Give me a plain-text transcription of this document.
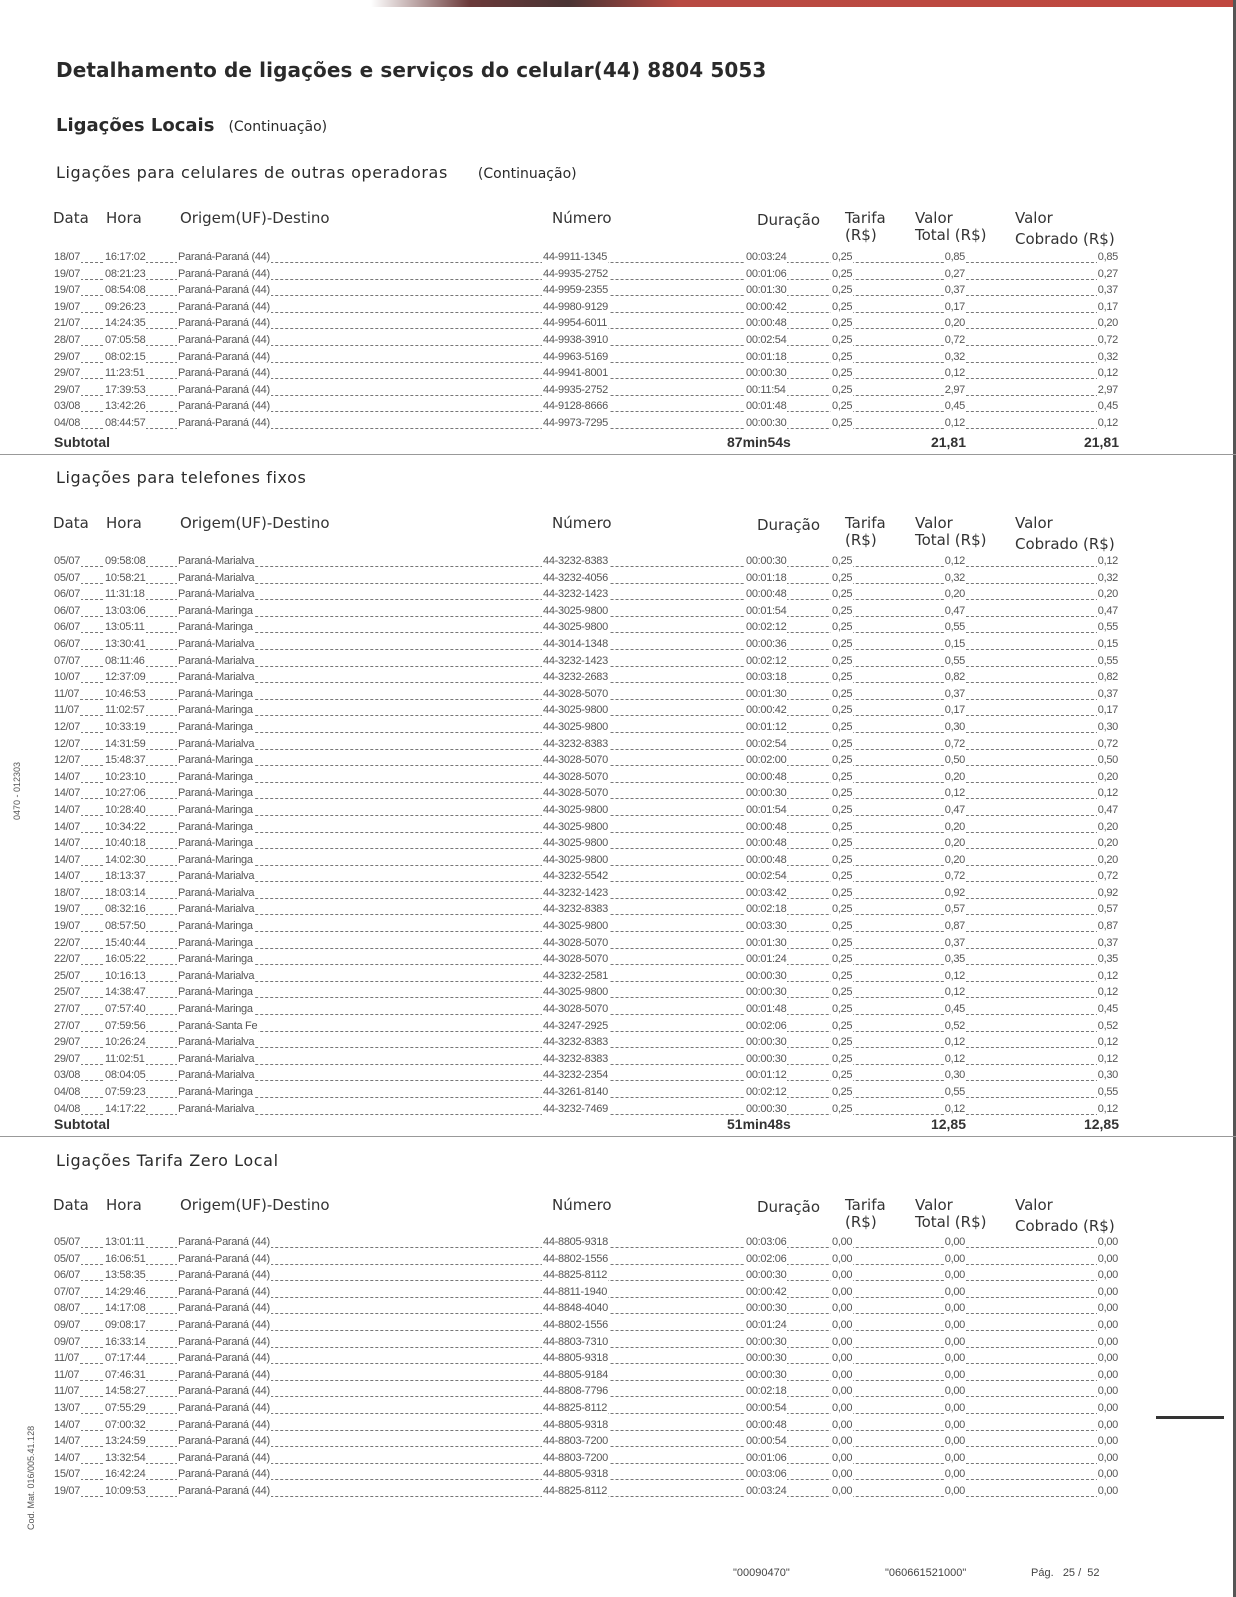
0470 - 012303
Cod. Mat. 016/005.41.128
Detalhamento de ligações e serviços do celular(44) 8804 5053
Ligações Locais (Continuação)
Ligações para celulares de outras operadoras (Continuação)
Data Hora	Origem(UF)-Destino	Número	Duração Tarifa
(R$)
Valor
Total (R$)
Valor
Cobrado (R$)
18/07 16:17:02	Paraná-Paraná (44)	44-9911-1345	00:03:24	0,25	0,85	0,85
19/07 08:21:23	Paraná-Paraná (44)	44-9935-2752	00:01:06	0,25	0,27	0,27
19/07 08:54:08	Paraná-Paraná (44)	44-9959-2355	00:01:30	0,25	0,37	0,37
19/07 09:26:23	Paraná-Paraná (44)	44-9980-9129	00:00:42	0,25	0,17	0,17
21/07 14:24:35	Paraná-Paraná (44)	44-9954-6011	00:00:48	0,25	0,20	0,20
28/07 07:05:58	Paraná-Paraná (44)	44-9938-3910	00:02:54	0,25	0,72	0,72
29/07 08:02:15	Paraná-Paraná (44)	44-9963-5169	00:01:18	0,25	0,32	0,32
29/07 11:23:51	Paraná-Paraná (44)	44-9941-8001	00:00:30	0,25	0,12	0,12
29/07 17:39:53	Paraná-Paraná (44)	44-9935-2752	00:11:54	0,25	2,97	2,97
03/08 13:42:26	Paraná-Paraná (44)	44-9128-8666	00:01:48	0,25	0,45	0,45
04/08 08:44:57	Paraná-Paraná (44)	44-9973-7295	00:00:30	0,25	0,12	0,12
Subtotal	87min54s	21,81	21,81
Ligações para telefones fixos
Data Hora	Origem(UF)-Destino	Número	Duração Tarifa
(R$)
Valor
Total (R$)
Valor
Cobrado (R$)
05/07 09:58:08	Paraná-Marialva	44-3232-8383	00:00:30	0,25	0,12	0,12
05/07 10:58:21	Paraná-Marialva	44-3232-4056	00:01:18	0,25	0,32	0,32
06/07 11:31:18	Paraná-Marialva	44-3232-1423	00:00:48	0,25	0,20	0,20
06/07 13:03:06	Paraná-Maringa	44-3025-9800	00:01:54	0,25	0,47	0,47
06/07 13:05:11	Paraná-Maringa	44-3025-9800	00:02:12	0,25	0,55	0,55
06/07 13:30:41	Paraná-Marialva	44-3014-1348	00:00:36	0,25	0,15	0,15
07/07 08:11:46	Paraná-Marialva	44-3232-1423	00:02:12	0,25	0,55	0,55
10/07 12:37:09	Paraná-Marialva	44-3232-2683	00:03:18	0,25	0,82	0,82
11/07 10:46:53	Paraná-Maringa	44-3028-5070	00:01:30	0,25	0,37	0,37
11/07 11:02:57	Paraná-Maringa	44-3025-9800	00:00:42	0,25	0,17	0,17
12/07 10:33:19	Paraná-Maringa	44-3025-9800	00:01:12	0,25	0,30	0,30
12/07 14:31:59	Paraná-Marialva	44-3232-8383	00:02:54	0,25	0,72	0,72
12/07 15:48:37	Paraná-Maringa	44-3028-5070	00:02:00	0,25	0,50	0,50
14/07 10:23:10	Paraná-Maringa	44-3028-5070	00:00:48	0,25	0,20	0,20
14/07 10:27:06	Paraná-Maringa	44-3028-5070	00:00:30	0,25	0,12	0,12
14/07 10:28:40	Paraná-Maringa	44-3025-9800	00:01:54	0,25	0,47	0,47
14/07 10:34:22	Paraná-Maringa	44-3025-9800	00:00:48	0,25	0,20	0,20
14/07 10:40:18	Paraná-Maringa	44-3025-9800	00:00:48	0,25	0,20	0,20
14/07 14:02:30	Paraná-Maringa	44-3025-9800	00:00:48	0,25	0,20	0,20
14/07 18:13:37	Paraná-Marialva	44-3232-5542	00:02:54	0,25	0,72	0,72
18/07 18:03:14	Paraná-Marialva	44-3232-1423	00:03:42	0,25	0,92	0,92
19/07 08:32:16	Paraná-Marialva	44-3232-8383	00:02:18	0,25	0,57	0,57
19/07 08:57:50	Paraná-Maringa	44-3025-9800	00:03:30	0,25	0,87	0,87
22/07 15:40:44	Paraná-Maringa	44-3028-5070	00:01:30	0,25	0,37	0,37
22/07 16:05:22	Paraná-Maringa	44-3028-5070	00:01:24	0,25	0,35	0,35
25/07 10:16:13	Paraná-Marialva	44-3232-2581	00:00:30	0,25	0,12	0,12
25/07 14:38:47	Paraná-Maringa	44-3025-9800	00:00:30	0,25	0,12	0,12
27/07 07:57:40	Paraná-Maringa	44-3028-5070	00:01:48	0,25	0,45	0,45
27/07 07:59:56	Paraná-Santa Fe	44-3247-2925	00:02:06	0,25	0,52	0,52
29/07 10:26:24	Paraná-Marialva	44-3232-8383	00:00:30	0,25	0,12	0,12
29/07 11:02:51	Paraná-Marialva	44-3232-8383	00:00:30	0,25	0,12	0,12
03/08 08:04:05	Paraná-Marialva	44-3232-2354	00:01:12	0,25	0,30	0,30
04/08 07:59:23	Paraná-Maringa	44-3261-8140	00:02:12	0,25	0,55	0,55
04/08 14:17:22	Paraná-Marialva	44-3232-7469	00:00:30	0,25	0,12	0,12
Subtotal	51min48s	12,85	12,85
Ligações Tarifa Zero Local
Data Hora	Origem(UF)-Destino	Número	Duração Tarifa
(R$)
Valor
Total (R$)
Valor
Cobrado (R$)
05/07 13:01:11	Paraná-Paraná (44)	44-8805-9318	00:03:06	0,00	0,00	0,00
05/07 16:06:51	Paraná-Paraná (44)	44-8802-1556	00:02:06	0,00	0,00	0,00
06/07 13:58:35	Paraná-Paraná (44)	44-8825-8112	00:00:30	0,00	0,00	0,00
07/07 14:29:46	Paraná-Paraná (44)	44-8811-1940	00:00:42	0,00	0,00	0,00
08/07 14:17:08	Paraná-Paraná (44)	44-8848-4040	00:00:30	0,00	0,00	0,00
09/07 09:08:17	Paraná-Paraná (44)	44-8802-1556	00:01:24	0,00	0,00	0,00
09/07 16:33:14	Paraná-Paraná (44)	44-8803-7310	00:00:30	0,00	0,00	0,00
11/07 07:17:44	Paraná-Paraná (44)	44-8805-9318	00:00:30	0,00	0,00	0,00
11/07 07:46:31	Paraná-Paraná (44)	44-8805-9184	00:00:30	0,00	0,00	0,00
11/07 14:58:27	Paraná-Paraná (44)	44-8808-7796	00:02:18	0,00	0,00	0,00
13/07 07:55:29	Paraná-Paraná (44)	44-8825-8112	00:00:54	0,00	0,00	0,00
14/07 07:00:32	Paraná-Paraná (44)	44-8805-9318	00:00:48	0,00	0,00	0,00
14/07 13:24:59	Paraná-Paraná (44)	44-8803-7200	00:00:54	0,00	0,00	0,00
14/07 13:32:54	Paraná-Paraná (44)	44-8803-7200	00:01:06	0,00	0,00	0,00
15/07 16:42:24	Paraná-Paraná (44)	44-8805-9318	00:03:06	0,00	0,00	0,00
19/07 10:09:53	Paraná-Paraná (44)	44-8825-8112	00:03:24	0,00	0,00	0,00
"00090470"	"060661521000"	Pág. 25 / 52
